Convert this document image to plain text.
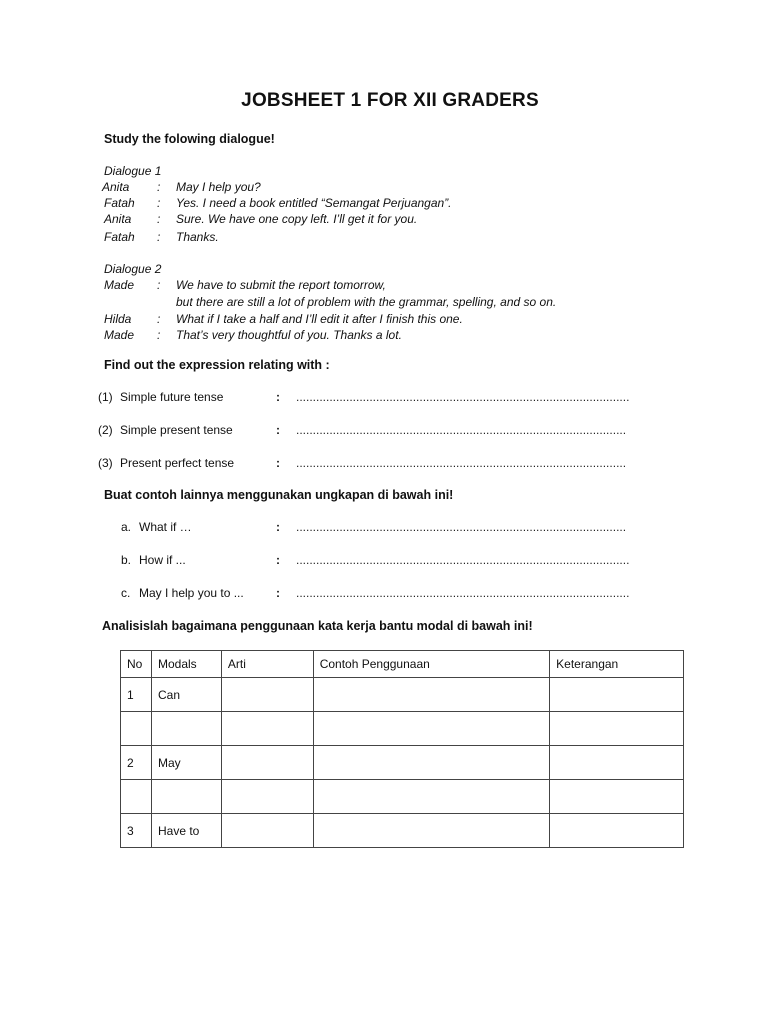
JOBSHEET 1 FOR XII GRADERS
Study the folowing dialogue!
Dialogue 1
Anita : May I help you?
Fatah : Yes. I need a book entitled “Semangat Perjuangan”.
Anita : Sure. We have one copy left. I’ll get it for you.
Fatah : Thanks.
Dialogue 2
Made : We have to submit the report tomorrow,
but there are still a lot of problem with the grammar, spelling, and so on.
Hilda : What if I take a half and I’ll edit it after I finish this one.
Made : That’s very thoughtful of you. Thanks a lot.
Find out the expression relating with :
(1) Simple future tense	: ....................................................................................................
(2) Simple present tense	: ...................................................................................................
(3) Present perfect tense	: ...................................................................................................
Buat contoh lainnya menggunakan ungkapan di bawah ini!
a. What if …	: ...................................................................................................
b. How if ...	: ....................................................................................................
c. May I help you to ...	: ....................................................................................................
Analisislah bagaimana penggunaan kata kerja bantu modal di bawah ini!
No	Modals	Arti	Contoh Penggunaan	Keterangan
1	Can			

2	May			

3	Have to			
